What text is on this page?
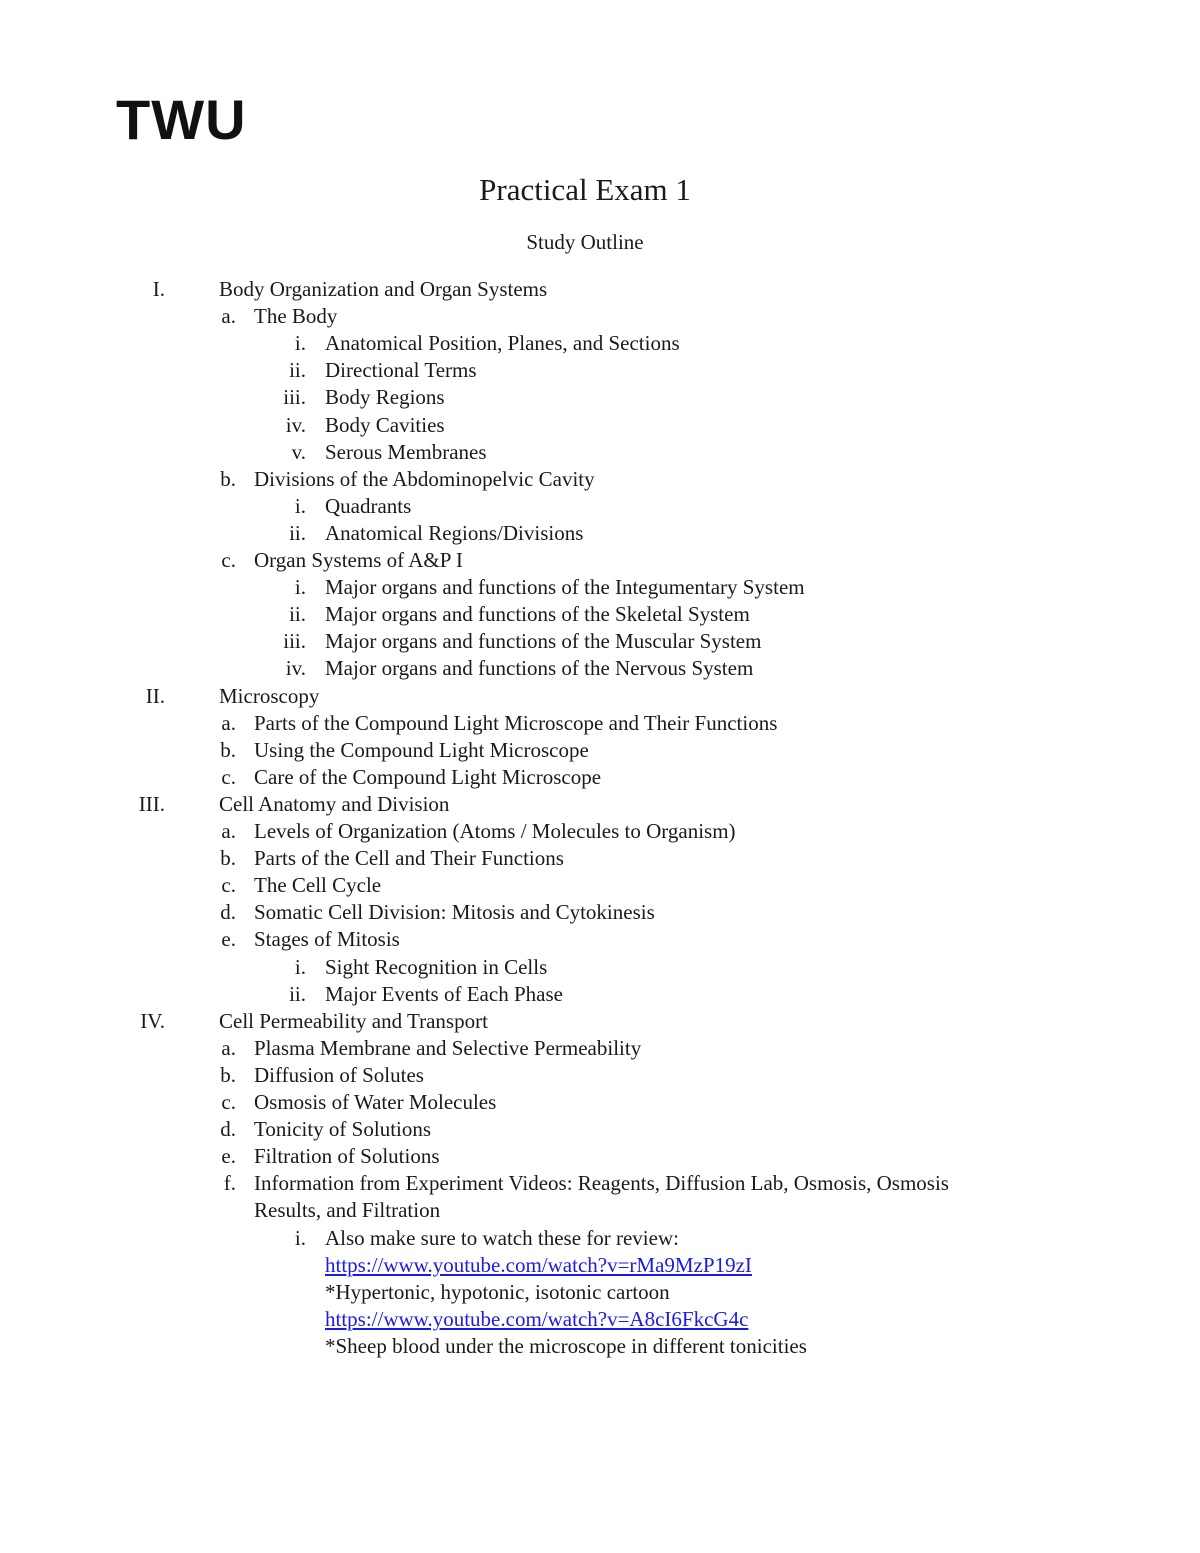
TWU
Practical Exam 1
Study Outline
I.	Body Organization and Organ Systems
a. The Body
i. Anatomical Position, Planes, and Sections
ii. Directional Terms
iii. Body Regions
iv. Body Cavities
v. Serous Membranes
b. Divisions of the Abdominopelvic Cavity
i. Quadrants
ii. Anatomical Regions/Divisions
c. Organ Systems of A&P I
i. Major organs and functions of the Integumentary System
ii. Major organs and functions of the Skeletal System
iii. Major organs and functions of the Muscular System
iv. Major organs and functions of the Nervous System
II.	Microscopy
a. Parts of the Compound Light Microscope and Their Functions
b. Using the Compound Light Microscope
c. Care of the Compound Light Microscope
III.	Cell Anatomy and Division
a. Levels of Organization (Atoms / Molecules to Organism)
b. Parts of the Cell and Their Functions
c. The Cell Cycle
d. Somatic Cell Division: Mitosis and Cytokinesis
e. Stages of Mitosis
i. Sight Recognition in Cells
ii. Major Events of Each Phase
IV.	Cell Permeability and Transport
a. Plasma Membrane and Selective Permeability
b. Diffusion of Solutes
c. Osmosis of Water Molecules
d. Tonicity of Solutions
e. Filtration of Solutions
f. Information from Experiment Videos: Reagents, Diffusion Lab, Osmosis, Osmosis
Results, and Filtration
i. Also make sure to watch these for review:
https://www.youtube.com/watch?v=rMa9MzP19zI
*Hypertonic, hypotonic, isotonic cartoon
https://www.youtube.com/watch?v=A8cI6FkcG4c
*Sheep blood under the microscope in different tonicities
